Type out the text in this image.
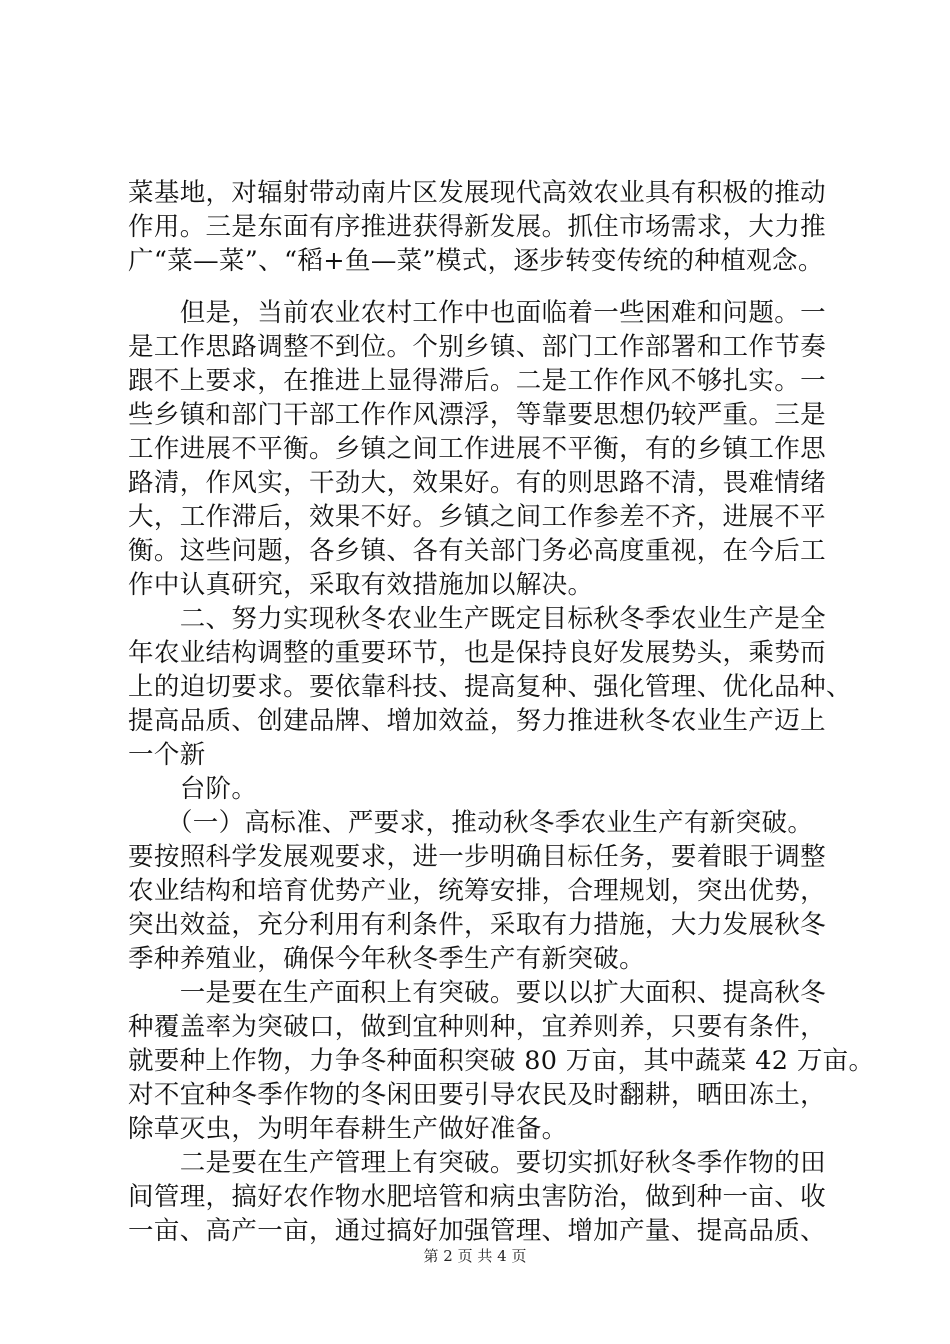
菜基地，对辐射带动南片区发展现代高效农业具有积极的推动
作用。三是东面有序推进获得新发展。抓住市场需求，大力推
广“菜—菜”、“稻+鱼—菜”模式，逐步转变传统的种植观念。
　　但是，当前农业农村工作中也面临着一些困难和问题。一
是工作思路调整不到位。个别乡镇、部门工作部署和工作节奏
跟不上要求，在推进上显得滞后。二是工作作风不够扎实。一
些乡镇和部门干部工作作风漂浮，等靠要思想仍较严重。三是
工作进展不平衡。乡镇之间工作进展不平衡，有的乡镇工作思
路清，作风实，干劲大，效果好。有的则思路不清，畏难情绪
大，工作滞后，效果不好。乡镇之间工作参差不齐，进展不平
衡。这些问题，各乡镇、各有关部门务必高度重视，在今后工
作中认真研究，采取有效措施加以解决。
　　二、努力实现秋冬农业生产既定目标秋冬季农业生产是全
年农业结构调整的重要环节，也是保持良好发展势头，乘势而
上的迫切要求。要依靠科技、提高复种、强化管理、优化品种、
提高品质、创建品牌、增加效益，努力推进秋冬农业生产迈上
一个新
　　台阶。
　　（一）高标准、严要求，推动秋冬季农业生产有新突破。
要按照科学发展观要求，进一步明确目标任务，要着眼于调整
农业结构和培育优势产业，统筹安排，合理规划，突出优势，
突出效益，充分利用有利条件，采取有力措施，大力发展秋冬
季种养殖业，确保今年秋冬季生产有新突破。
　　一是要在生产面积上有突破。要以以扩大面积、提高秋冬
种覆盖率为突破口，做到宜种则种，宜养则养，只要有条件，
就要种上作物，力争冬种面积突破 80 万亩，其中蔬菜 42 万亩。
对不宜种冬季作物的冬闲田要引导农民及时翻耕，晒田冻土，
除草灭虫，为明年春耕生产做好准备。
　　二是要在生产管理上有突破。要切实抓好秋冬季作物的田
间管理，搞好农作物水肥培管和病虫害防治，做到种一亩、收
一亩、高产一亩，通过搞好加强管理、增加产量、提高品质、
第 2 页 共 4 页
